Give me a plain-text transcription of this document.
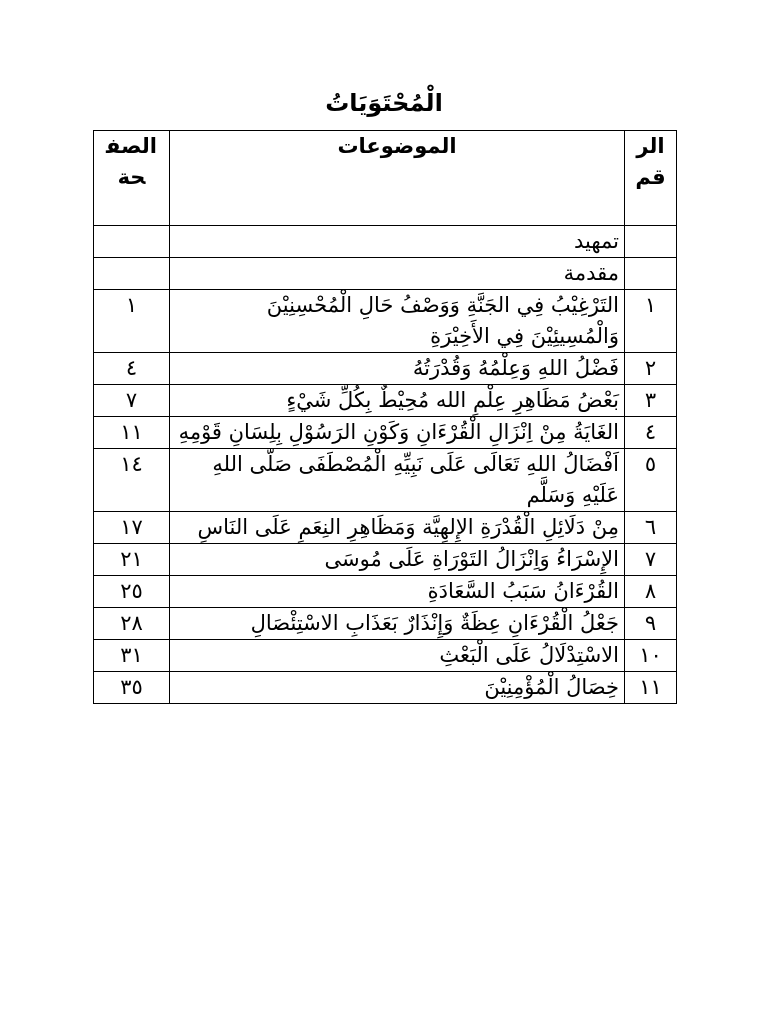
الْمُحْتَوَيَاتُ
الرقم	الموضوعات	الصفحة
	تمهيد	
	مقدمة	
١	التَرْغِيْبُ فِي الجَنَّةِ وَوَصْفُ حَالِ الْمُحْسِنِيْنَ وَالْمُسِيئِيْنَ فِي الأَخِيْرَةِ	١
٢	فَضْلُ اللهِ وَعِلْمُهُ وَقُدْرَتُهُ	٤
٣	بَعْضُ مَظَاهِرِ عِلْمِ الله مُحِيْطٌ بِكُلِّ شَيْءٍ	٧
٤	الغَايَةُ مِنْ اِنْزَالِ الْقُرْءَانِ وَكَوْنِ الرَسُوْلِ بِلِسَانِ قَوْمِهِ	١١
٥	اَفْضَالُ اللهِ تَعَالَى عَلَى نَبِيِّهِ الْمُصْطَفَى صَلَّى اللهِ عَلَيْهِ وَسَلَّم	١٤
٦	مِنْ دَلَائِلِ الْقُدْرَةِ الإِلهِيَّة وَمَظَاهِرِ النِعَمِ عَلَى النَاسِ	١٧
٧	الإِسْرَاءُ وَاِنْزَالُ التَوْرَاةِ عَلَى مُوسَى	٢١
٨	القُرْءَانُ سَبَبُ السَّعَادَةِ	٢٥
٩	جَعْلُ الْقُرْءَانِ عِظَةٌ وَإِنْذَارٌ بَعَذَابِ الاسْتِئْصَالِ	٢٨
١٠	الاسْتِدْلَالُ عَلَى الْبَعْثِ	٣١
١١	خِصَالُ الْمُؤْمِنِيْنَ	٣٥
